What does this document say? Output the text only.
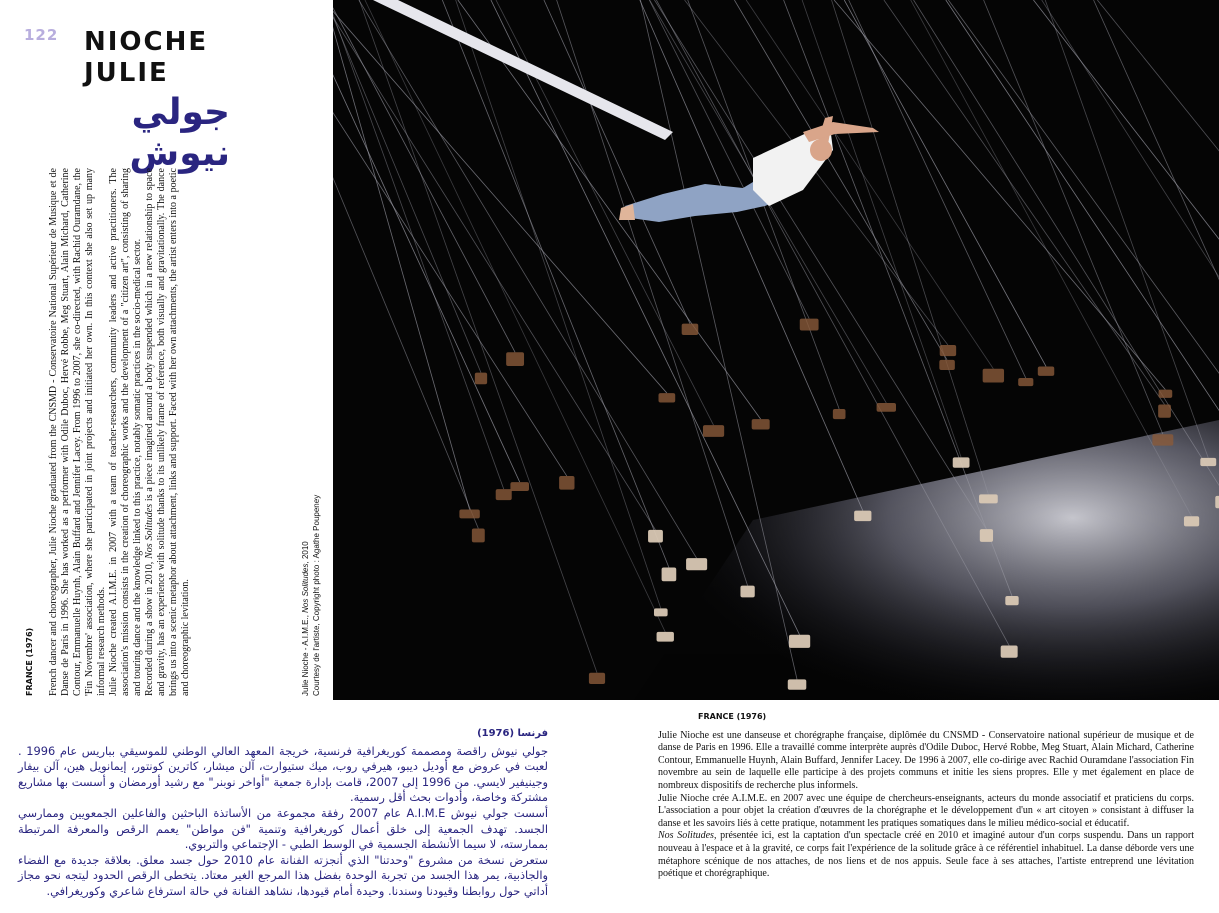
122 NIOCHE
JULIE
جولي نيوش
FRANCE (1976) French dancer and choreographer, Julie Nioche graduated from the CNSMD - Conservatoire National Supérieur de Musique et de Danse de Paris in 1996. She has worked as a performer with Odile Duboc, Hervé Robbe, Meg Stuart, Alain Michard, Catherine Contour, Emmanuelle Huynh, Alain Buffard and Jennifer Lacey. From 1996 to 2007, she co-directed, with Rachid Ouramdane, the 'Fin Novembre' association, where she participated in joint projects and initiated her own. In this context she also set up many informal research methods. Julie Nioche created A.I.M.E. in 2007 with a team of teacher-researchers, community leaders and active practitioners. The association's mission consists in the creation of choreographic works and the development of a "citizen art", consisting of sharing and touring dance and the knowledge linked to this practice, notably somatic practices in the socio-medical sector. Recorded during a show in 2010, Nos Solitudes is a piece imagined around a body suspended which in a new relationship to space and gravity, has an experience with solitude thanks to its unlikely frame of reference, both visually and gravitationally. The dance brings us into a scenic metaphor about attachment, links and support. Faced with her own attachments, the artist enters into a poetic and choreographic levitation.	Julie Nioche - A.I.M.E., Nos Solitudes, 2010 Courtesy de l'artiste, Copyright photo : Agathe Poupeney
فرنسا (1976)

جولي نيوش راقصة ومصممة كوريغرافية فرنسية، خريجة المعهد العالي الوطني للموسيقي بباريس عام 1996 . لعبت في عروض مع أوديل ديبو، هيرفي روب، ميك ستيوارت، آلن ميشار، كاترين كونتور، إيمانويل هين، آلن بيفار وجينيفير لايسي. من 1996 إلى 2007، قامت بإدارة جمعية "أواخر نوبنر" مع رشيد أورمضان و أسست بها مشاريع مشتركة وخاصة، وأدوات بحث أقل رسمية.

أسست جولي نيوش A.I.M.E عام 2007 رفقة مجموعة من الأساتذة الباحثين والفاعلين الجمعويين وممارسي الجسد. تهدف الجمعية إلى خلق أعمال كوريغرافية وتنمية "فن مواطن" يعمم الرقص والمعرفة المرتبطة بممارسته، لا سيما الأنشطة الجسمية في الوسط الطبي - الإجتماعي والتربوي.

ستعرض نسخة من مشروع "وحدتنا" الذي أنجزته الفنانة عام 2010 حول جسد معلق. بعلاقة جديدة مع الفضاء والجاذبية، يمر هذا الجسد من تجربة الوحدة بفضل هذا المرجع الغير معتاد. يتخطى الرقص الحدود ليتجه نحو مجاز أداتي حول روابطنا وقيودنا وسندنا. وحيدة أمام قيودها، نشاهد الفنانة في حالة استرفاع شاعري وكوريغرافي.

FRANCE (1976)

Julie Nioche est une danseuse et chorégraphe française, diplômée du CNSMD - Conservatoire national supérieur de musique et de danse de Paris en 1996. Elle a travaillé comme interprète auprès d'Odile Duboc, Hervé Robbe, Meg Stuart, Alain Michard, Catherine Contour, Emmanuelle Huynh, Alain Buffard, Jennifer Lacey. De 1996 à 2007, elle co-dirige avec Rachid Ouramdane l'association Fin novembre au sein de laquelle elle participe à des projets communs et initie les siens propres. Elle y met également en place de nombreux dispositifs de recherche plus informels.

Julie Nioche crée A.I.M.E. en 2007 avec une équipe de chercheurs-enseignants, acteurs du monde associatif et praticiens du corps. L'association a pour objet la création d'œuvres de la chorégraphe et le développement d'un « art citoyen » consistant à diffuser la danse et les savoirs liés à cette pratique, notamment les pratiques somatiques dans le milieu médico-social et éducatif.

Nos Solitudes, présentée ici, est la captation d'un spectacle créé en 2010 et imaginé autour d'un corps suspendu. Dans un rapport nouveau à l'espace et à la gravité, ce corps fait l'expérience de la solitude grâce à ce référentiel inhabituel. La danse déborde vers une métaphore scénique de nos attaches, de nos liens et de nos appuis. Seule face à ses attaches, l'artiste entreprend une lévitation poétique et chorégraphique.
